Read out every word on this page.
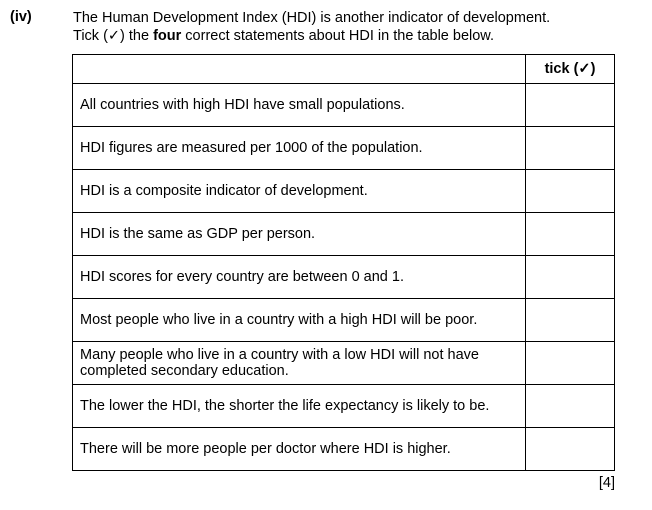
(iv)	The Human Development Index (HDI) is another indicator of development.
Tick (✓) the four correct statements about HDI in the table below.
	tick (✓)
All countries with high HDI have small populations.	
HDI figures are measured per 1000 of the population.	
HDI is a composite indicator of development.	
HDI is the same as GDP per person.	
HDI scores for every country are between 0 and 1.	
Most people who live in a country with a high HDI will be poor.	
Many people who live in a country with a low HDI will not have completed secondary education.	
The lower the HDI, the shorter the life expectancy is likely to be.	
There will be more people per doctor where HDI is higher.	
[4]
